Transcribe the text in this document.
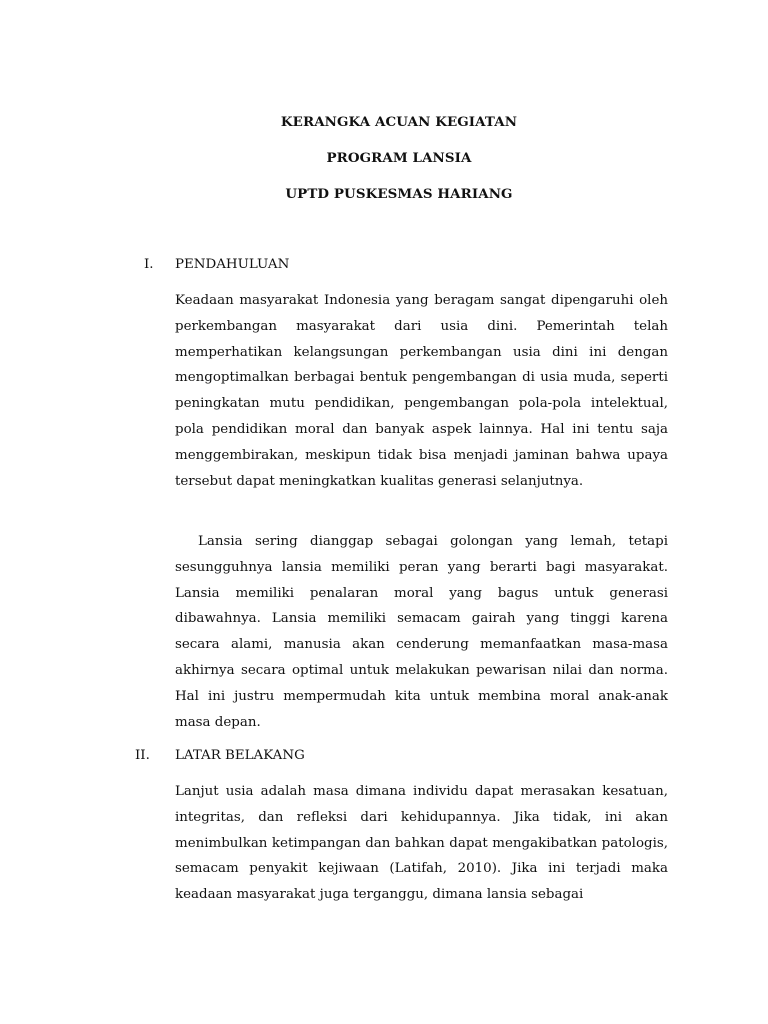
KERANGKA ACUAN KEGIATAN
PROGRAM LANSIA
UPTD PUSKESMAS HARIANG
I. PENDAHULUAN
Keadaan masyarakat Indonesia yang beragam sangat dipengaruhi oleh perkembangan masyarakat dari usia dini. Pemerintah telah memperhatikan kelangsungan perkembangan usia dini ini dengan mengoptimalkan berbagai bentuk pengembangan di usia muda, seperti peningkatan mutu pendidikan, pengembangan pola-pola intelektual, pola pendidikan moral dan banyak aspek lainnya. Hal ini tentu saja menggembirakan, meskipun tidak bisa menjadi jaminan bahwa upaya tersebut dapat meningkatkan kualitas generasi selanjutnya.
Lansia sering dianggap sebagai golongan yang lemah, tetapi sesungguhnya lansia memiliki peran yang berarti bagi masyarakat. Lansia memiliki penalaran moral yang bagus untuk generasi dibawahnya. Lansia memiliki semacam gairah yang tinggi karena secara alami, manusia akan cenderung memanfaatkan masa-masa akhirnya secara optimal untuk melakukan pewarisan nilai dan norma. Hal ini justru mempermudah kita untuk membina moral anak-anak masa depan.
II. LATAR BELAKANG
Lanjut usia adalah masa dimana individu dapat merasakan kesatuan, integritas, dan refleksi dari kehidupannya. Jika tidak, ini akan menimbulkan ketimpangan dan bahkan dapat mengakibatkan patologis, semacam penyakit kejiwaan (Latifah, 2010). Jika ini terjadi maka keadaan masyarakat juga terganggu, dimana lansia sebagai
